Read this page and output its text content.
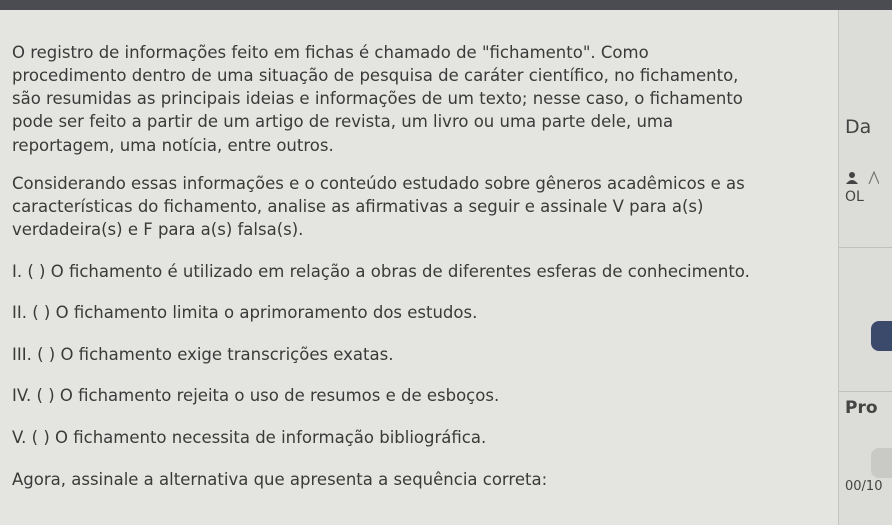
O registro de informações feito em fichas é chamado de "fichamento". Como
procedimento dentro de uma situação de pesquisa de caráter científico, no fichamento,
são resumidas as principais ideias e informações de um texto; nesse caso, o fichamento
pode ser feito a partir de um artigo de revista, um livro ou uma parte dele, uma
reportagem, uma notícia, entre outros.
Considerando essas informações e o conteúdo estudado sobre gêneros acadêmicos e as
características do fichamento, analise as afirmativas a seguir e assinale V para a(s)
verdadeira(s) e F para a(s) falsa(s).
I. ( ) O fichamento é utilizado em relação a obras de diferentes esferas de conhecimento.
II. ( ) O fichamento limita o aprimoramento dos estudos.
III. ( ) O fichamento exige transcrições exatas.
IV. ( ) O fichamento rejeita o uso de resumos e de esboços.
V. ( ) O fichamento necessita de informação bibliográfica.
Agora, assinale a alternativa que apresenta a sequência correta:
Da
OL
Pro
00/10
